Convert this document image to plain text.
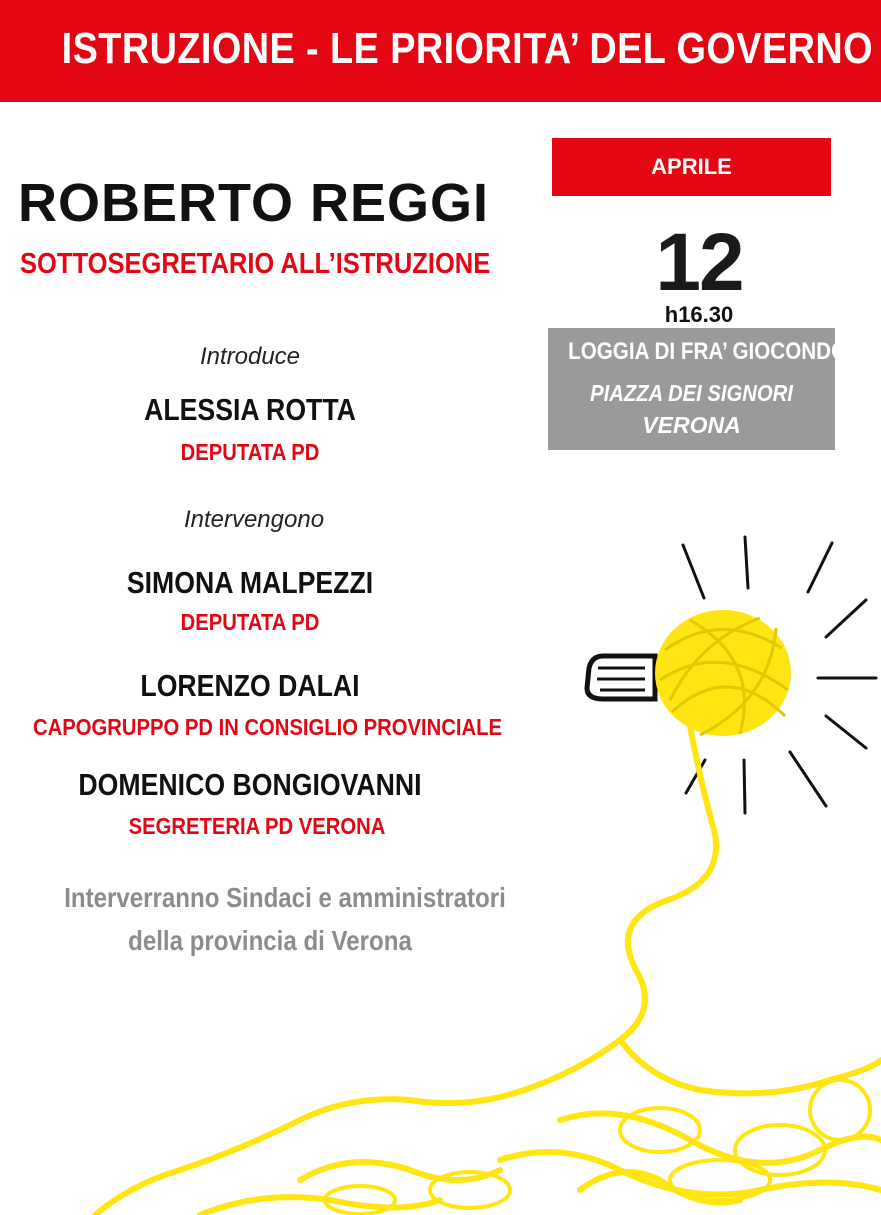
ISTRUZIONE - LE PRIORITA’ DEL GOVERNO
ROBERTO REGGI
SOTTOSEGRETARIO ALL’ISTRUZIONE
Introduce
ALESSIA ROTTA
DEPUTATA PD
Intervengono
SIMONA MALPEZZI
DEPUTATA PD
LORENZO DALAI
CAPOGRUPPO PD IN CONSIGLIO PROVINCIALE
DOMENICO BONGIOVANNI
SEGRETERIA PD VERONA
Interverranno Sindaci e amministratori
della provincia di Verona
APRILE
12
h16.30
LOGGIA DI FRA’ GIOCONDO
PIAZZA DEI SIGNORI
VERONA
